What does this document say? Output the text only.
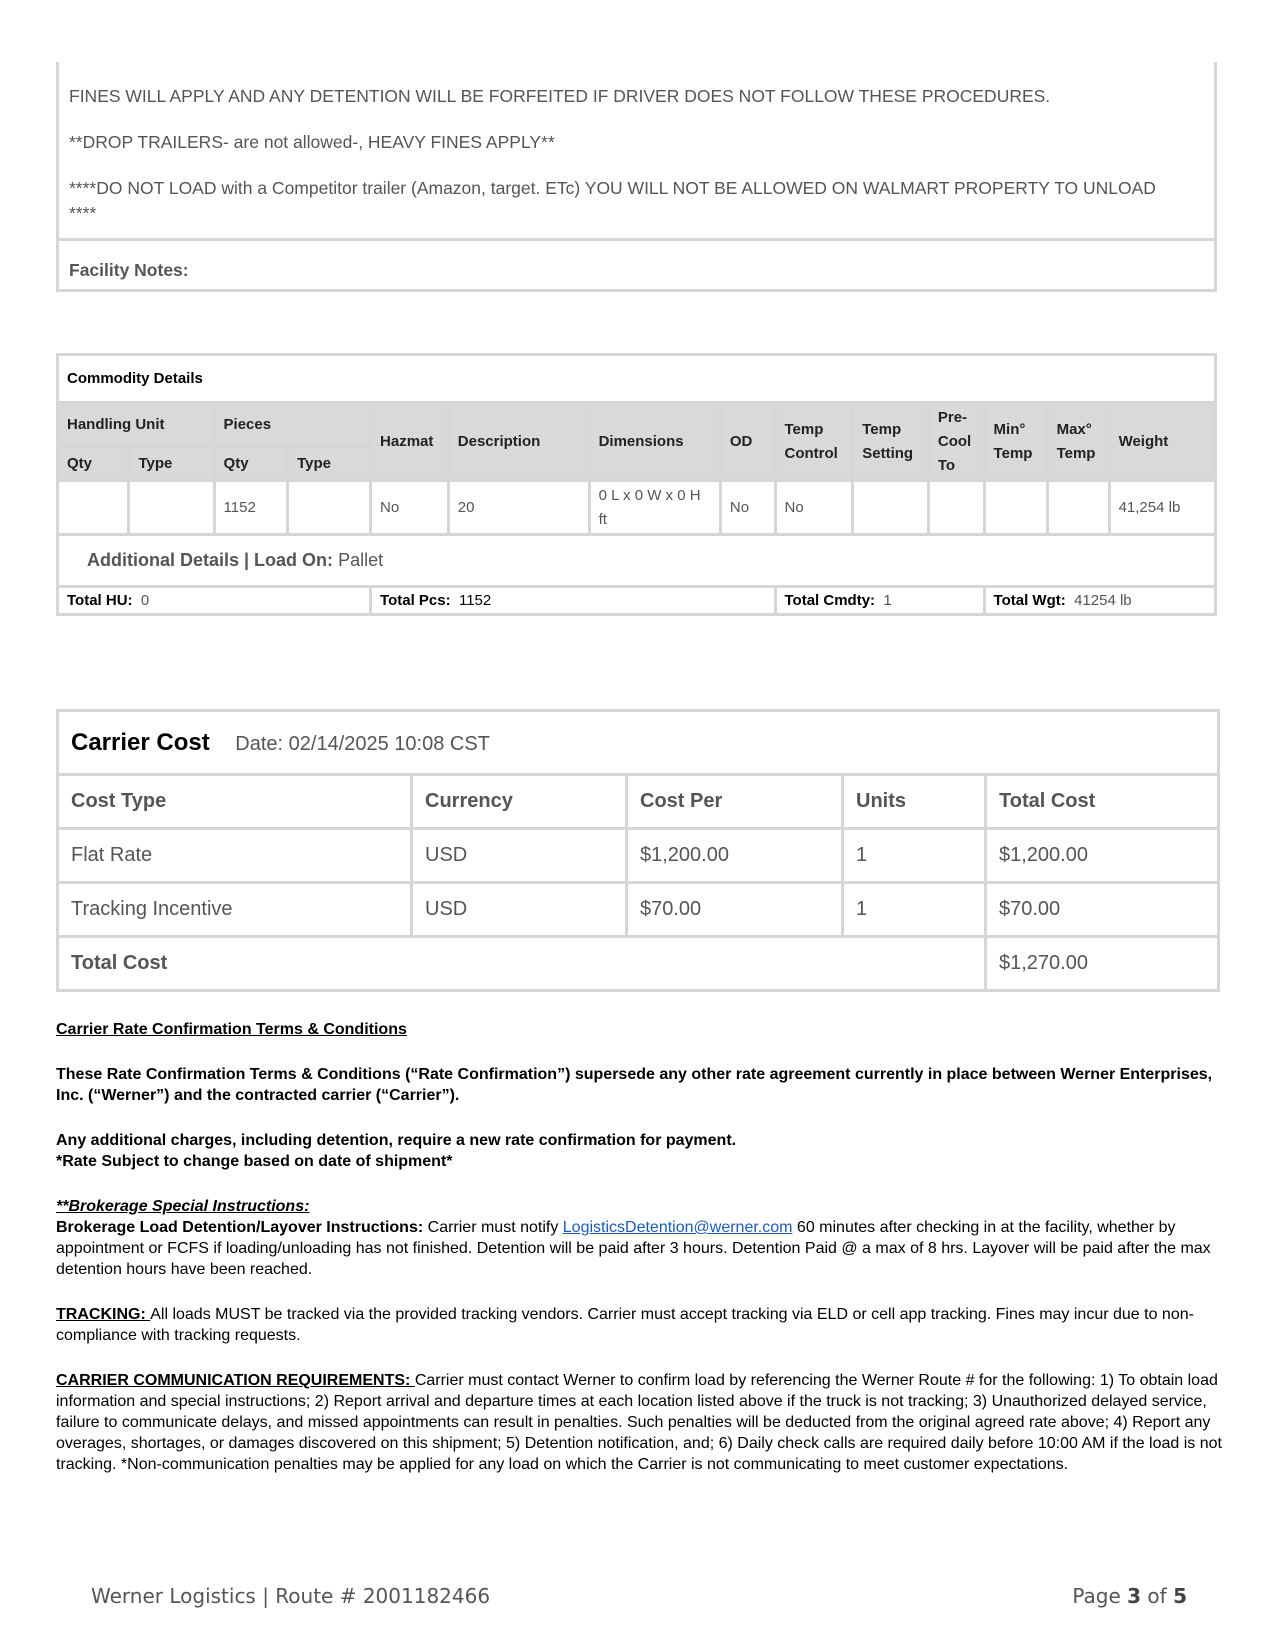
FINES WILL APPLY AND ANY DETENTION WILL BE FORFEITED IF DRIVER DOES NOT FOLLOW THESE PROCEDURES.

**DROP TRAILERS- are not allowed-, HEAVY FINES APPLY**

****DO NOT LOAD with a Competitor trailer (Amazon, target. ETc) YOU WILL NOT BE ALLOWED ON WALMART PROPERTY TO UNLOAD ****

Facility Notes:
Commodity Details													
Handling Unit		Pieces		Hazmat	Description	Dimensions	OD	Temp Control	Temp Setting	Pre-Cool To	Min° Temp	Max° Temp	Weight
Qty	Type	Qty	Type										
		1152		No	20	0 L x 0 W x 0 H ft	No	No					41,254 lb
Additional Details | Load On: Pallet													
Total HU: 0				Total Pcs: 1152				Total Cmdty: 1			Total Wgt: 41254 lb		
Carrier Cost Date: 02/14/2025 10:08 CST				
Cost Type	Currency	Cost Per	Units	Total Cost
Flat Rate	USD	$1,200.00	1	$1,200.00
Tracking Incentive	USD	$70.00	1	$70.00
Total Cost				$1,270.00

Carrier Rate Confirmation Terms & Conditions

These Rate Confirmation Terms & Conditions (“Rate Confirmation”) supersede any other rate agreement currently in place between Werner Enterprises, Inc. (“Werner”) and the contracted carrier (“Carrier”).

Any additional charges, including detention, require a new rate confirmation for payment.
*Rate Subject to change based on date of shipment*

**Brokerage Special Instructions:
Brokerage Load Detention/Layover Instructions: Carrier must notify LogisticsDetention@werner.com 60 minutes after checking in at the facility, whether by appointment or FCFS if loading/unloading has not finished. Detention will be paid after 3 hours. Detention Paid @ a max of 8 hrs. Layover will be paid after the max detention hours have been reached.

TRACKING: All loads MUST be tracked via the provided tracking vendors. Carrier must accept tracking via ELD or cell app tracking. Fines may incur due to non-compliance with tracking requests.

CARRIER COMMUNICATION REQUIREMENTS: Carrier must contact Werner to confirm load by referencing the Werner Route # for the following: 1) To obtain load information and special instructions; 2) Report arrival and departure times at each location listed above if the truck is not tracking; 3) Unauthorized delayed service, failure to communicate delays, and missed appointments can result in penalties. Such penalties will be deducted from the original agreed rate above; 4) Report any overages, shortages, or damages discovered on this shipment; 5) Detention notification, and; 6) Daily check calls are required daily before 10:00 AM if the load is not tracking. *Non-communication penalties may be applied for any load on which the Carrier is not communicating to meet customer expectations.

Werner Logistics | Route # 2001182466	Page 3 of 5
